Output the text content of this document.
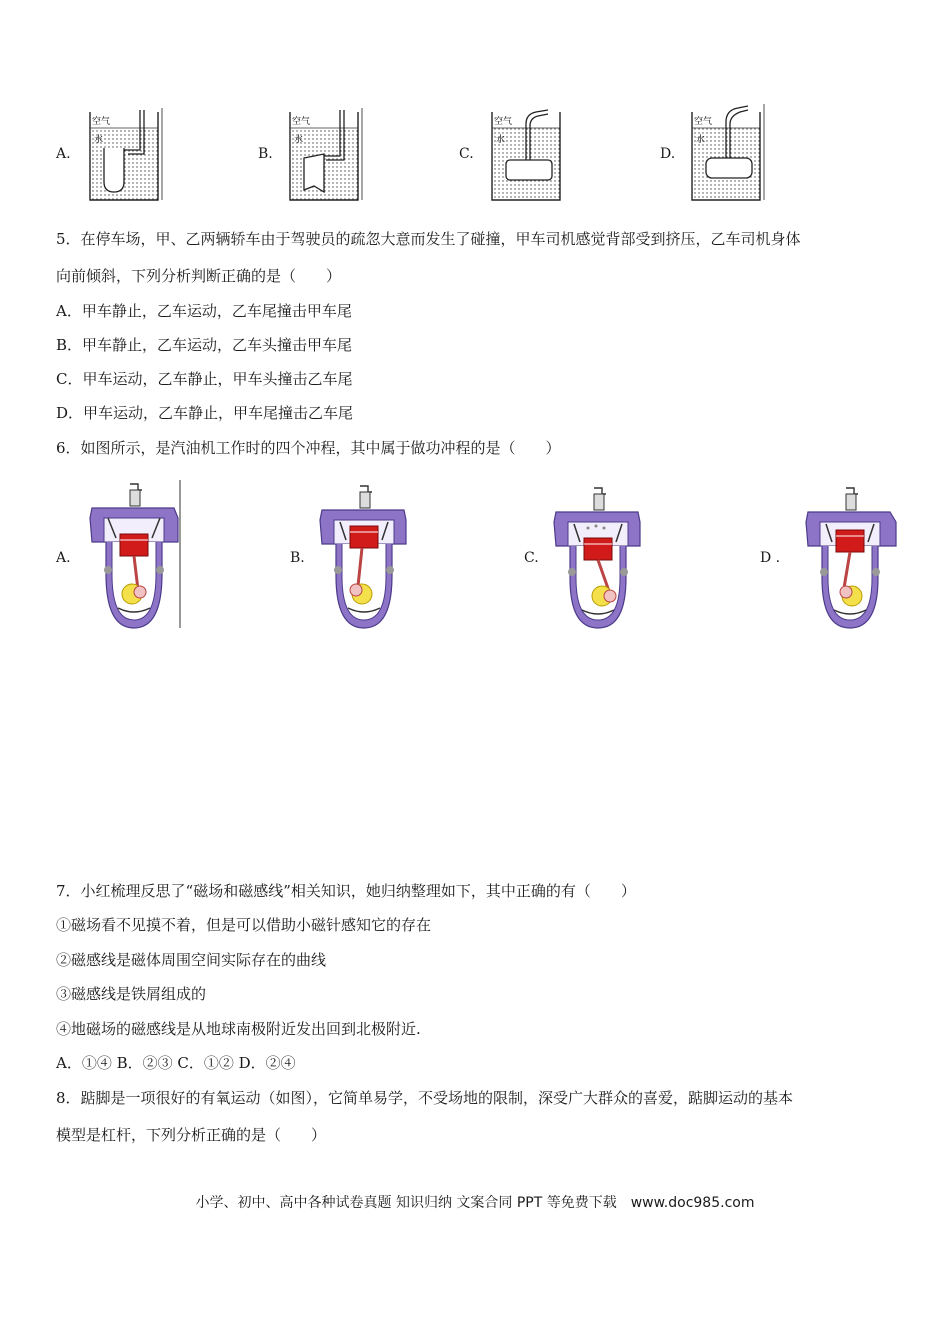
A.	B.	C.	D.
空气
水
空气
水
空气
水
空气
水
5．在停车场，甲、乙两辆轿车由于驾驶员的疏忽大意而发生了碰撞，甲车司机感觉背部受到挤压，乙车司机身体
向前倾斜，下列分析判断正确的是（　　）
A．甲车静止，乙车运动，乙车尾撞击甲车尾
B．甲车静止，乙车运动，乙车头撞击甲车尾
C．甲车运动，乙车静止，甲车头撞击乙车尾
D．甲车运动，乙车静止，甲车尾撞击乙车尾
6．如图所示，是汽油机工作时的四个冲程，其中属于做功冲程的是（　　）
A.	B.	C.	D .
7．小红梳理反思了“磁场和磁感线”相关知识，她归纳整理如下，其中正确的有（　　）
①磁场看不见摸不着，但是可以借助小磁针感知它的存在
②磁感线是磁体周围空间实际存在的曲线
③磁感线是铁屑组成的
④地磁场的磁感线是从地球南极附近发出回到北极附近.
A．①④ B．②③ C．①② D．②④
8．踮脚是一项很好的有氧运动（如图），它简单易学，不受场地的限制，深受广大群众的喜爱，踮脚运动的基本
模型是杠杆，下列分析正确的是（　　）
小学、初中、高中各种试卷真题 知识归纳 文案合同 PPT 等免费下载　www.doc985.com
